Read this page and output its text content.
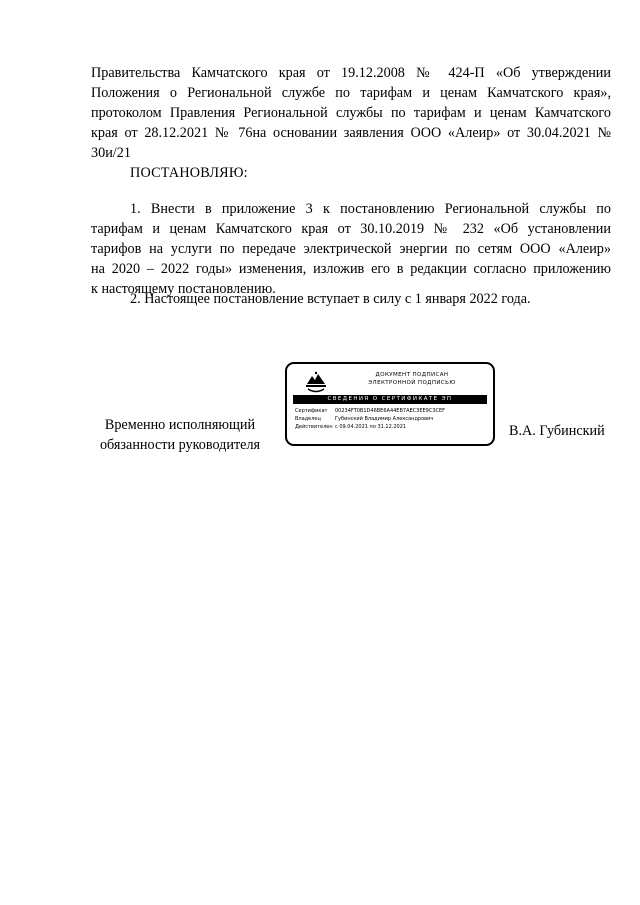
Правительства Камчатского края от 19.12.2008 № 424-П «Об утверждении
Положения о Региональной службе по тарифам и ценам Камчатского края»,
протоколом Правления Региональной службы по тарифам и ценам Камчатского
края от 28.12.2021 № 76на основании заявления ООО «Алеир» от 30.04.2021 №
30и/21
ПОСТАНОВЛЯЮ:
1. Внести в приложение 3 к постановлению Региональной службы по
тарифам и ценам Камчатского края от 30.10.2019 № 232 «Об установлении
тарифов на услуги по передаче электрической энергии по сетям ООО «Алеир»
на 2020 – 2022 годы» изменения, изложив его в редакции согласно приложению
к настоящему постановлению.
2. Настоящее постановление вступает в силу с 1 января 2022 года.
Временно исполняющий
обязанности руководителя
ДОКУМЕНТ ПОДПИСАН
ЭЛЕКТРОННОЙ ПОДПИСЬЮ
СВЕДЕНИЯ О СЕРТИФИКАТЕ ЭП
Сертификат 00234FT0B1D46BE6A44EB7AEC3EE9C3CEF
Владелец	Губинский Владимир Александрович
Действителен с 09.04.2021 по 31.12.2021	В.А. Губинский
